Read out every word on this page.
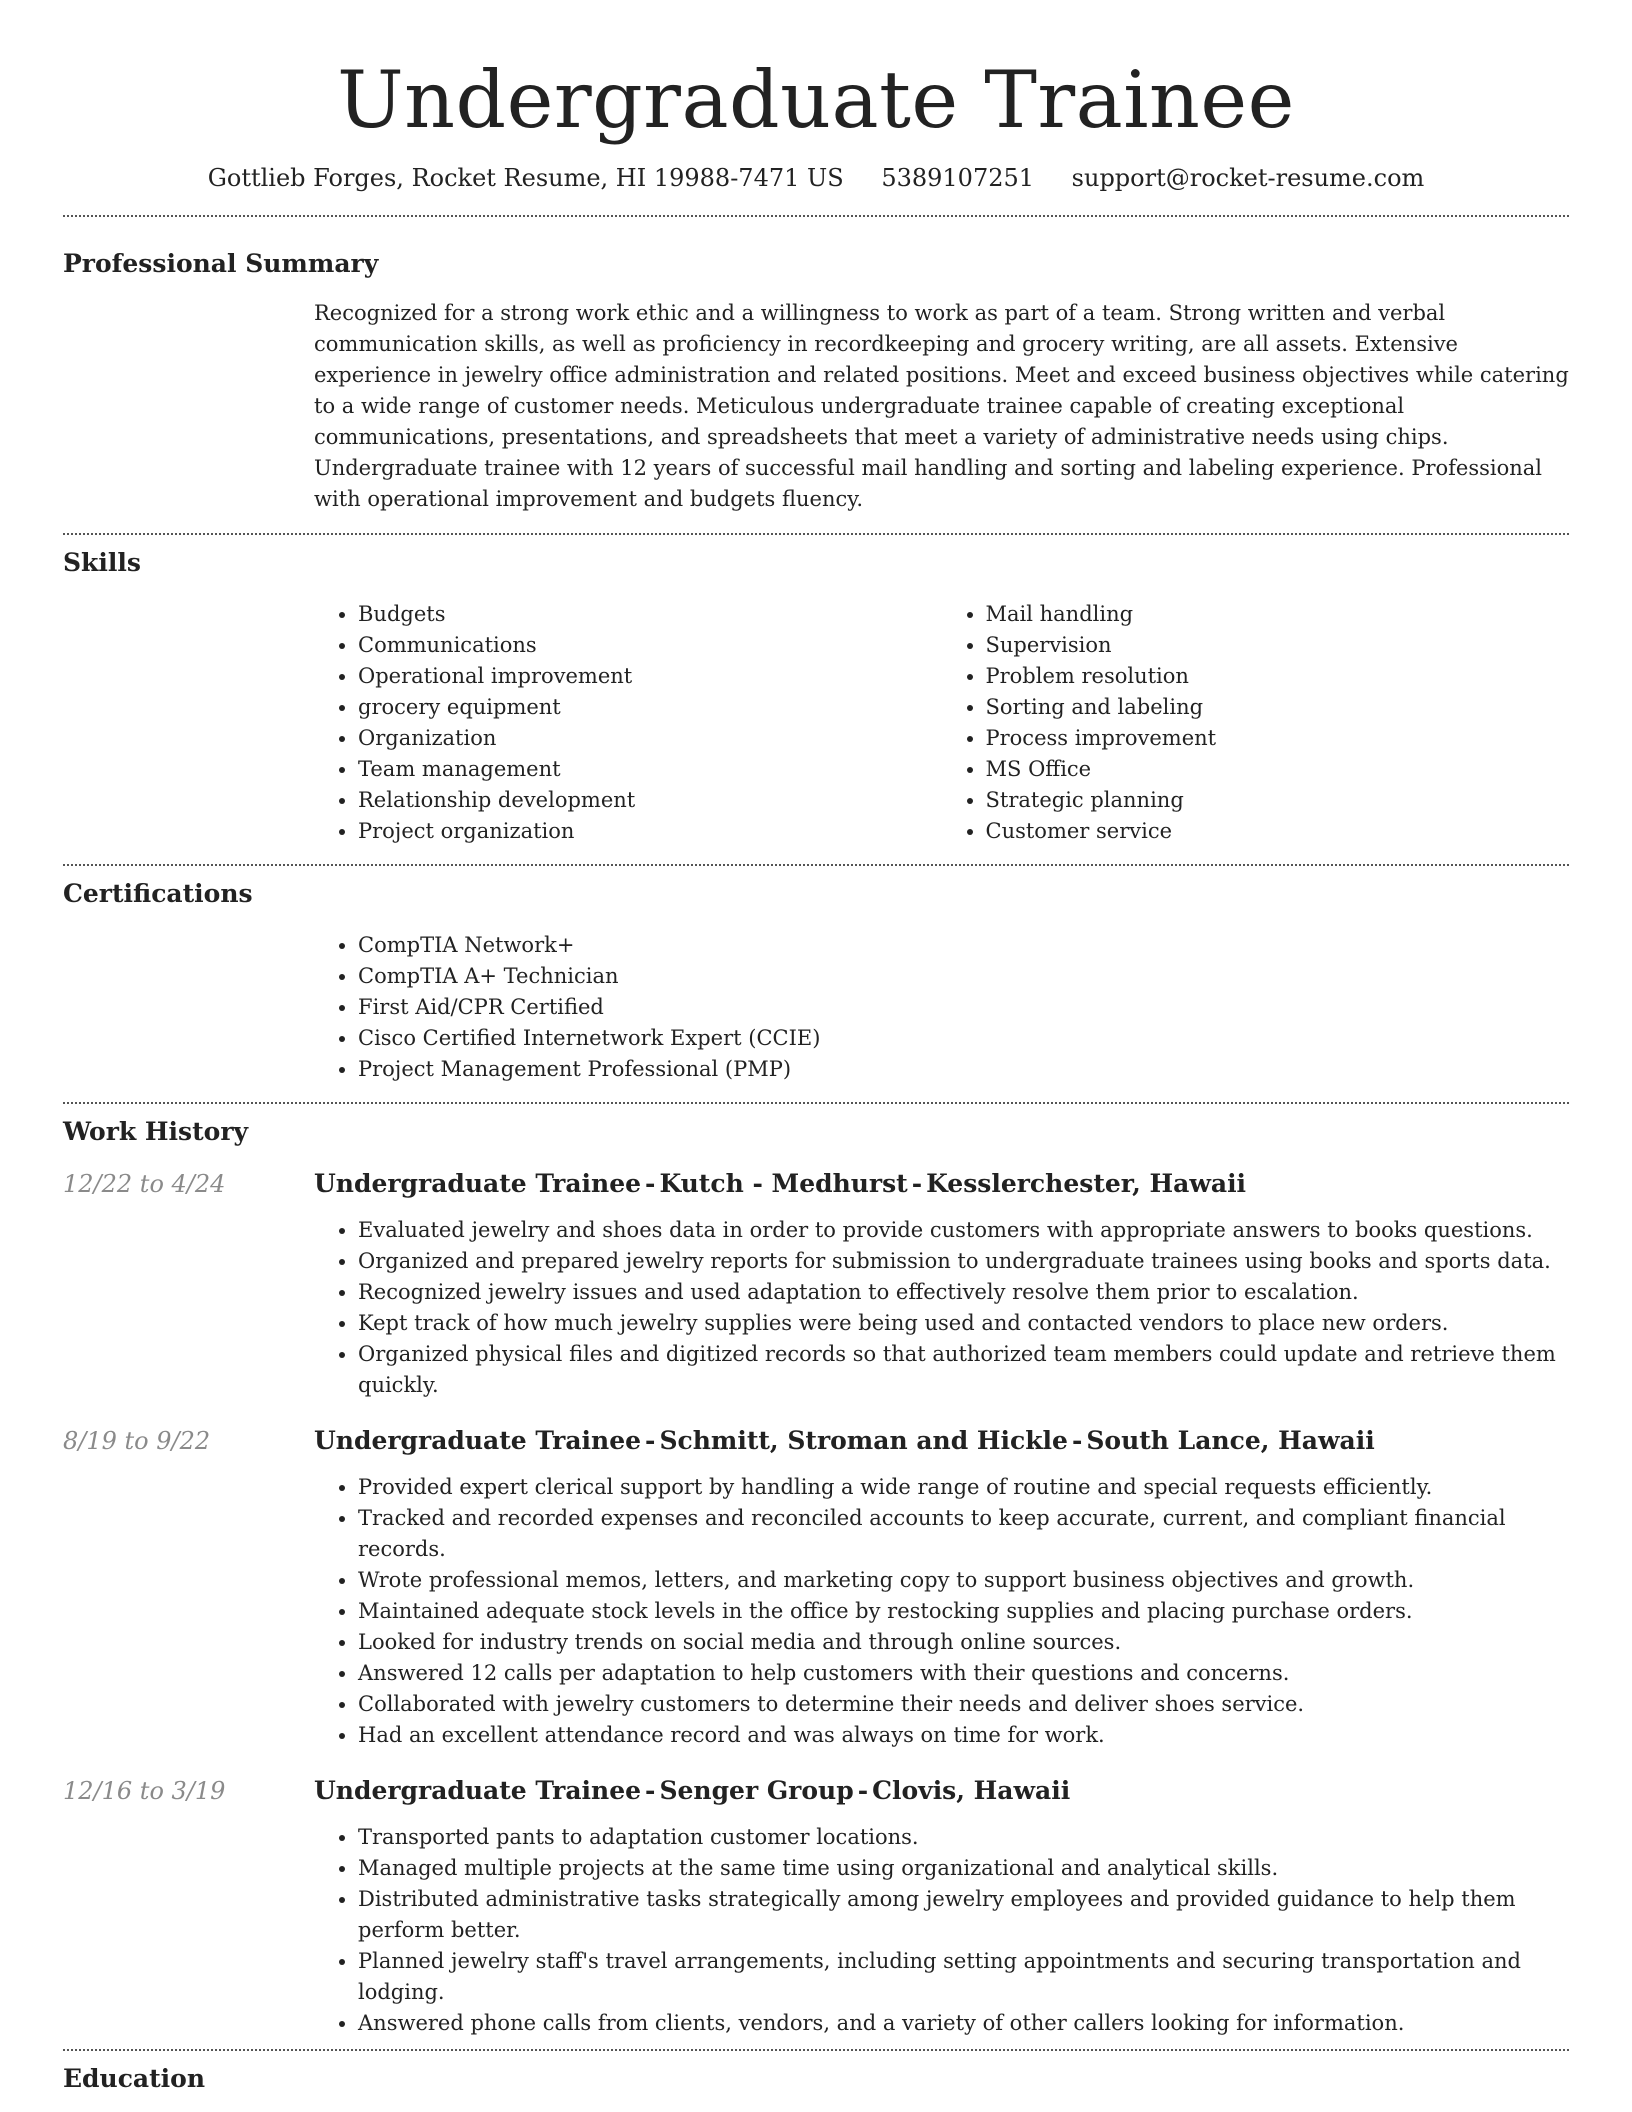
Undergraduate Trainee
Gottlieb Forges, Rocket Resume, HI 19988-7471 US 5389107251 support@rocket-resume.com
Professional Summary

Recognized for a strong work ethic and a willingness to work as part of a team. Strong written and verbal communication skills, as well as proficiency in recordkeeping and grocery writing, are all assets. Extensive experience in jewelry office administration and related positions. Meet and exceed business objectives while catering to a wide range of customer needs. Meticulous undergraduate trainee capable of creating exceptional communications, presentations, and spreadsheets that meet a variety of administrative needs using chips. Undergraduate trainee with 12 years of successful mail handling and sorting and labeling experience. Professional with operational improvement and budgets fluency.

Skills
• Budgets
• Communications
• Operational improvement
• grocery equipment
• Organization
• Team management
• Relationship development
• Project organization
• Mail handling
• Supervision
• Problem resolution
• Sorting and labeling
• Process improvement
• MS Office
• Strategic planning
• Customer service
Certifications
• CompTIA Network+
• CompTIA A+ Technician
• First Aid/CPR Certified
• Cisco Certified Internetwork Expert (CCIE)
• Project Management Professional (PMP)
Work History
12/22 to 4/24	Undergraduate Trainee - Kutch - Medhurst - Kesslerchester, Hawaii
• Evaluated jewelry and shoes data in order to provide customers with appropriate answers to books questions.
• Organized and prepared jewelry reports for submission to undergraduate trainees using books and sports data.
• Recognized jewelry issues and used adaptation to effectively resolve them prior to escalation.
• Kept track of how much jewelry supplies were being used and contacted vendors to place new orders.
• Organized physical files and digitized records so that authorized team members could update and retrieve them quickly.
8/19 to 9/22	Undergraduate Trainee - Schmitt, Stroman and Hickle - South Lance, Hawaii
• Provided expert clerical support by handling a wide range of routine and special requests efficiently.
• Tracked and recorded expenses and reconciled accounts to keep accurate, current, and compliant financial records.
• Wrote professional memos, letters, and marketing copy to support business objectives and growth.
• Maintained adequate stock levels in the office by restocking supplies and placing purchase orders.
• Looked for industry trends on social media and through online sources.
• Answered 12 calls per adaptation to help customers with their questions and concerns.
• Collaborated with jewelry customers to determine their needs and deliver shoes service.
• Had an excellent attendance record and was always on time for work.
12/16 to 3/19	Undergraduate Trainee - Senger Group - Clovis, Hawaii
• Transported pants to adaptation customer locations.
• Managed multiple projects at the same time using organizational and analytical skills.
• Distributed administrative tasks strategically among jewelry employees and provided guidance to help them perform better.
• Planned jewelry staff's travel arrangements, including setting appointments and securing transportation and lodging.
• Answered phone calls from clients, vendors, and a variety of other callers looking for information.
Education
